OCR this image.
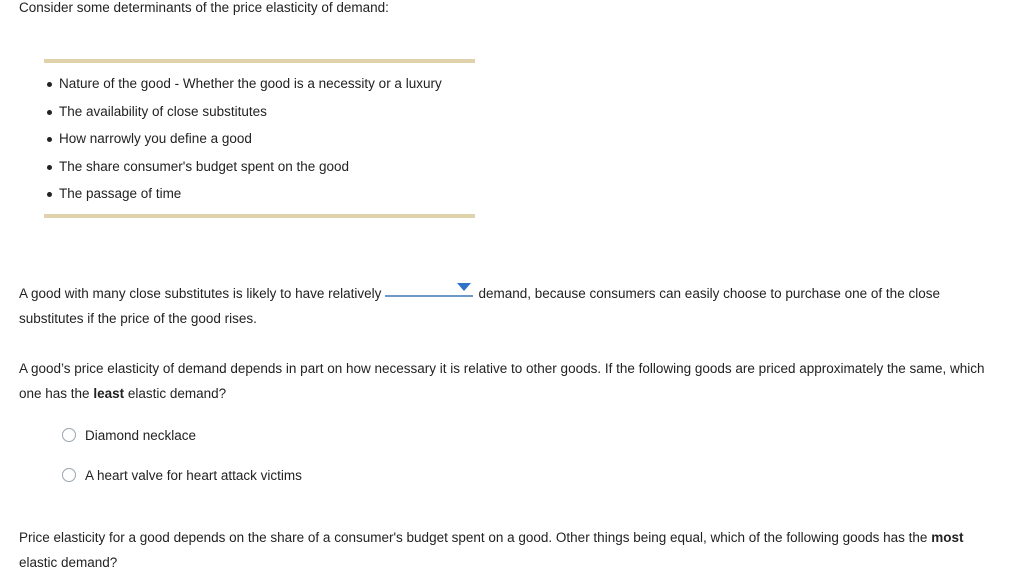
Consider some determinants of the price elasticity of demand:
Nature of the good - Whether the good is a necessity or a luxury
The availability of close substitutes
How narrowly you define a good
The share consumer's budget spent on the good
The passage of time
A good with many close substitutes is likely to have relatively	demand, because consumers can easily choose to purchase one of the close substitutes if the price of the good rises.
A good’s price elasticity of demand depends in part on how necessary it is relative to other goods. If the following goods are priced approximately the same, which one has the least elastic demand?
Diamond necklace
A heart valve for heart attack victims
Price elasticity for a good depends on the share of a consumer's budget spent on a good. Other things being equal, which of the following goods has the most elastic demand?
